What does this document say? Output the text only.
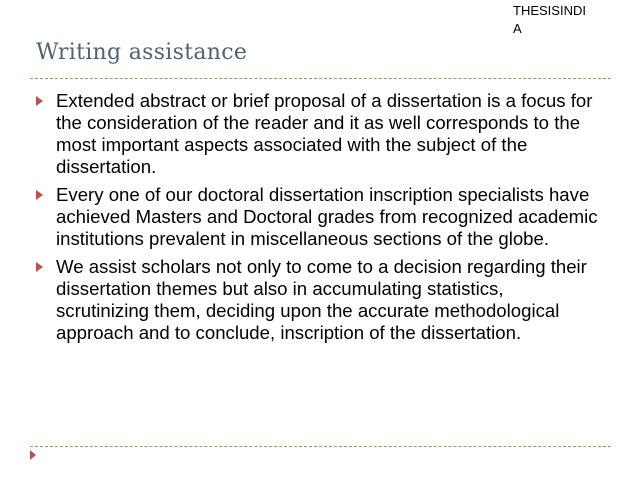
THESISINDIA
Writing assistance
Extended abstract or brief proposal of a dissertation is a focus for the consideration of the reader and it as well corresponds to the most important aspects associated with the subject of the dissertation.
Every one of our doctoral dissertation inscription specialists have achieved Masters and Doctoral grades from recognized academic institutions prevalent in miscellaneous sections of the globe.
We assist scholars not only to come to a decision regarding their dissertation themes but also in accumulating statistics, scrutinizing them, deciding upon the accurate methodological approach and to conclude, inscription of the dissertation.
